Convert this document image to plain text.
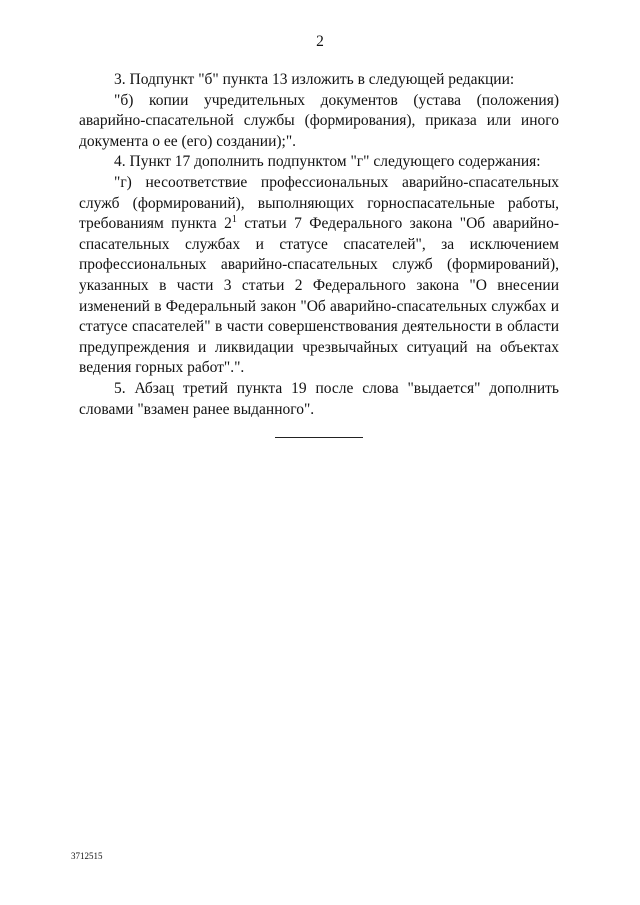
2

3. Подпункт "б" пункта 13 изложить в следующей редакции:

"б) копии учредительных документов (устава (положения) аварийно-спасательной службы (формирования), приказа или иного документа о ее (его) создании);".

4. Пункт 17 дополнить подпунктом "г" следующего содержания:

"г) несоответствие профессиональных аварийно-спасательных служб (формирований), выполняющих горноспасательные работы, требованиям пункта $2^1$ статьи 7 Федерального закона "Об аварийно-спасательных службах и статусе спасателей", за исключением профессиональных аварийно-спасательных служб (формирований), указанных в части 3 статьи 2 Федерального закона "О внесении изменений в Федеральный закон "Об аварийно-спасательных службах и статусе спасателей" в части совершенствования деятельности в области предупреждения и ликвидации чрезвычайных ситуаций на объектах ведения горных работ".".

5. Абзац третий пункта 19 после слова "выдается" дополнить словами "взамен ранее выданного".

3712515
